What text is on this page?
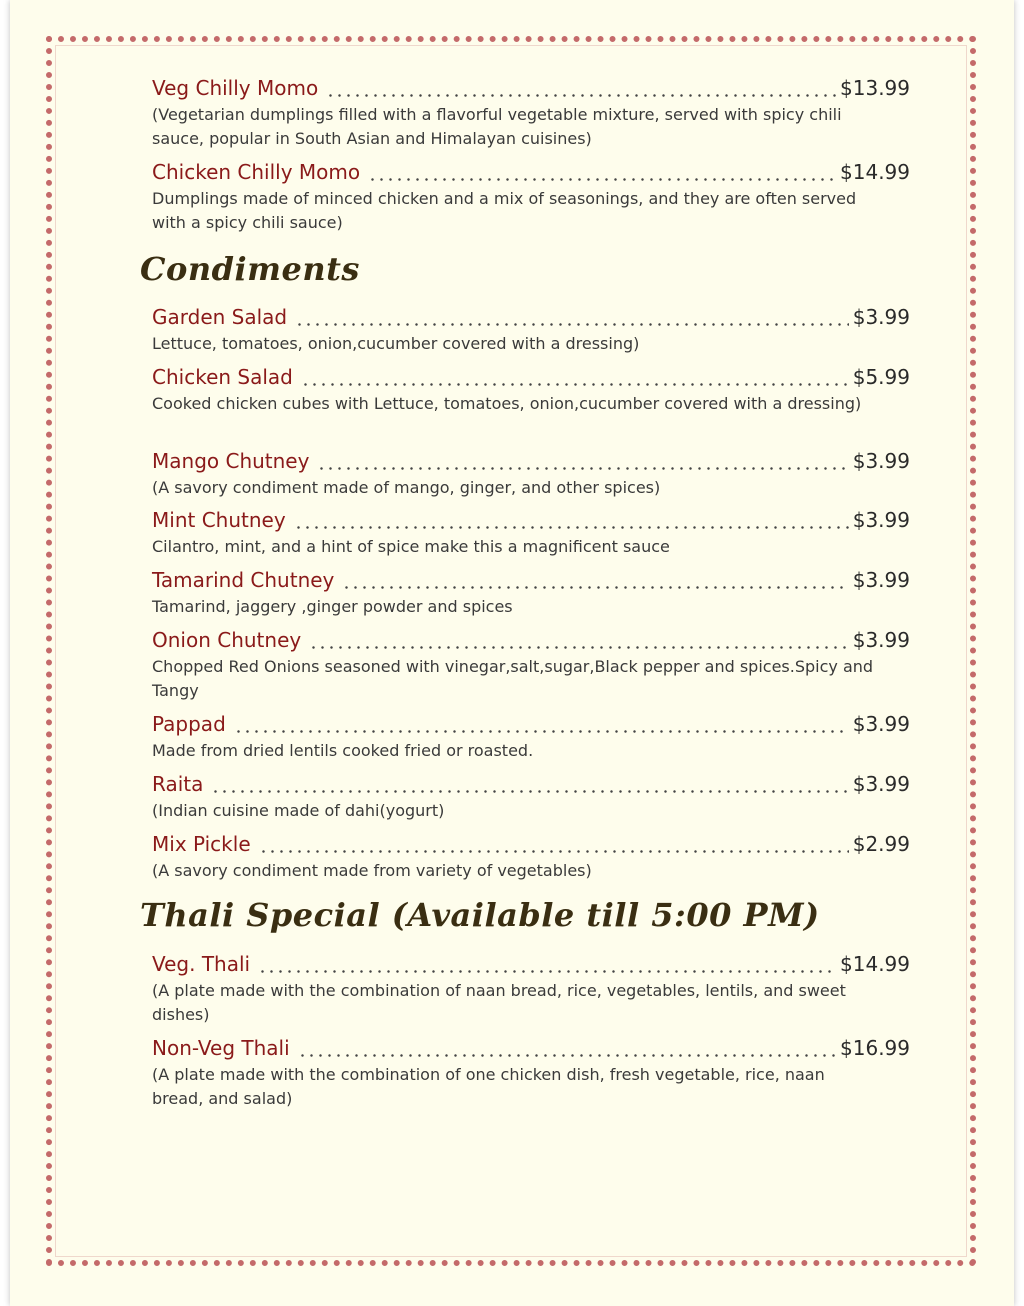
Veg Chilly Momo	$13.99
(Vegetarian dumplings filled with a flavorful vegetable mixture, served with spicy chili sauce, popular in South Asian and Himalayan cuisines)
Chicken Chilly Momo	$14.99
Dumplings made of minced chicken and a mix of seasonings, and they are often served with a spicy chili sauce)
Condiments
Garden Salad	$3.99
Lettuce, tomatoes, onion,cucumber covered with a dressing)
Chicken Salad	$5.99
Cooked chicken cubes with Lettuce, tomatoes, onion,cucumber covered with a dressing)
Mango Chutney	$3.99
(A savory condiment made of mango, ginger, and other spices)
Mint Chutney	$3.99
Cilantro, mint, and a hint of spice make this a magnificent sauce
Tamarind Chutney	$3.99
Tamarind, jaggery ,ginger powder and spices
Onion Chutney	$3.99
Chopped Red Onions seasoned with vinegar,salt,sugar,Black pepper and spices.Spicy and Tangy
Pappad	$3.99
Made from dried lentils cooked fried or roasted.
Raita	$3.99
(Indian cuisine made of dahi(yogurt)
Mix Pickle	$2.99
(A savory condiment made from variety of vegetables)
Thali Special (Available till 5:00 PM)
Veg. Thali	$14.99
(A plate made with the combination of naan bread, rice, vegetables, lentils, and sweet dishes)
Non-Veg Thali	$16.99
(A plate made with the combination of one chicken dish, fresh vegetable, rice, naan bread, and salad)
